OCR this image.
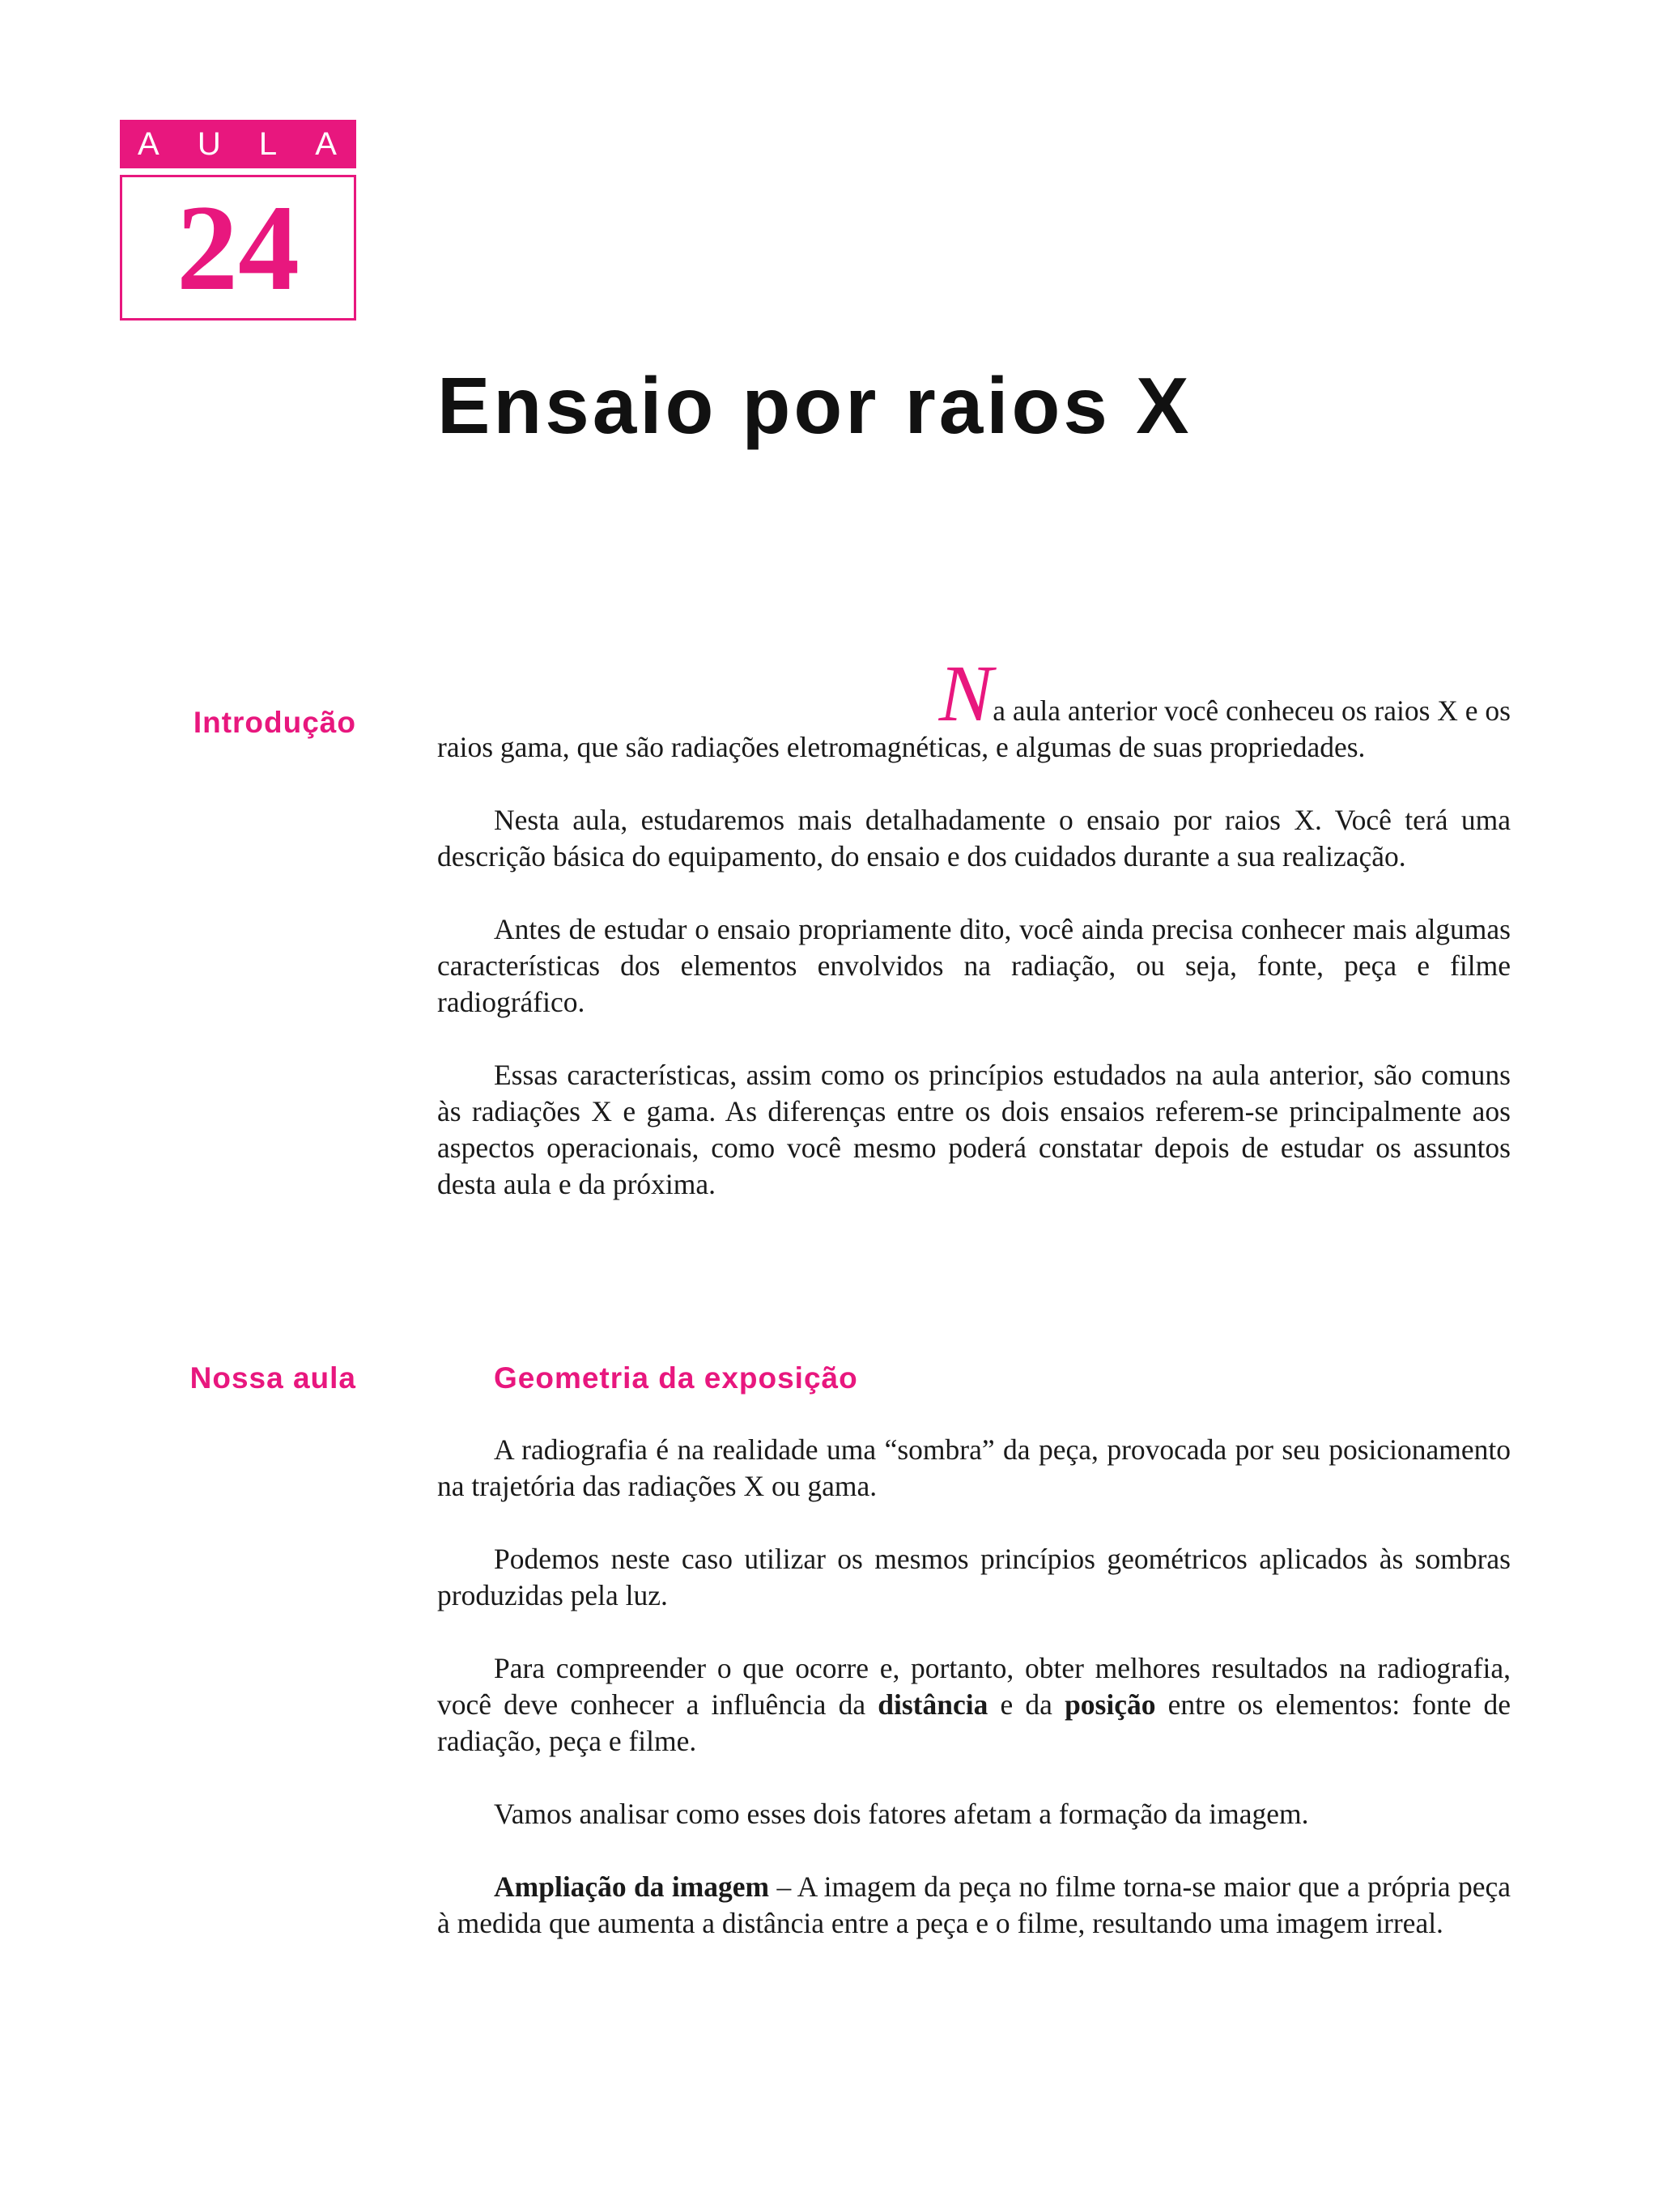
A U L A
24
Ensaio por raios X
Introdução	Na aula anterior você conheceu os raios X e os

raios gama, que são radiações eletromagnéticas, e algumas de suas propriedades.

Nesta aula, estudaremos mais detalhadamente o ensaio por raios X. Você terá uma descrição básica do equipamento, do ensaio e dos cuidados durante a sua realização.

Antes de estudar o ensaio propriamente dito, você ainda precisa conhecer mais algumas características dos elementos envolvidos na radiação, ou seja, fonte, peça e filme radiográfico.

Essas características, assim como os princípios estudados na aula anterior, são comuns às radiações X e gama. As diferenças entre os dois ensaios referem-se principalmente aos aspectos operacionais, como você mesmo poderá constatar depois de estudar os assuntos desta aula e da próxima.

Nossa aula	Geometria da exposição

A radiografia é na realidade uma “sombra” da peça, provocada por seu posicionamento na trajetória das radiações X ou gama.

Podemos neste caso utilizar os mesmos princípios geométricos aplicados às sombras produzidas pela luz.

Para compreender o que ocorre e, portanto, obter melhores resultados na radiografia, você deve conhecer a influência da distância e da posição entre os elementos: fonte de radiação, peça e filme.

Vamos analisar como esses dois fatores afetam a formação da imagem.

Ampliação da imagem – A imagem da peça no filme torna-se maior que a própria peça à medida que aumenta a distância entre a peça e o filme, resultando uma imagem irreal.
